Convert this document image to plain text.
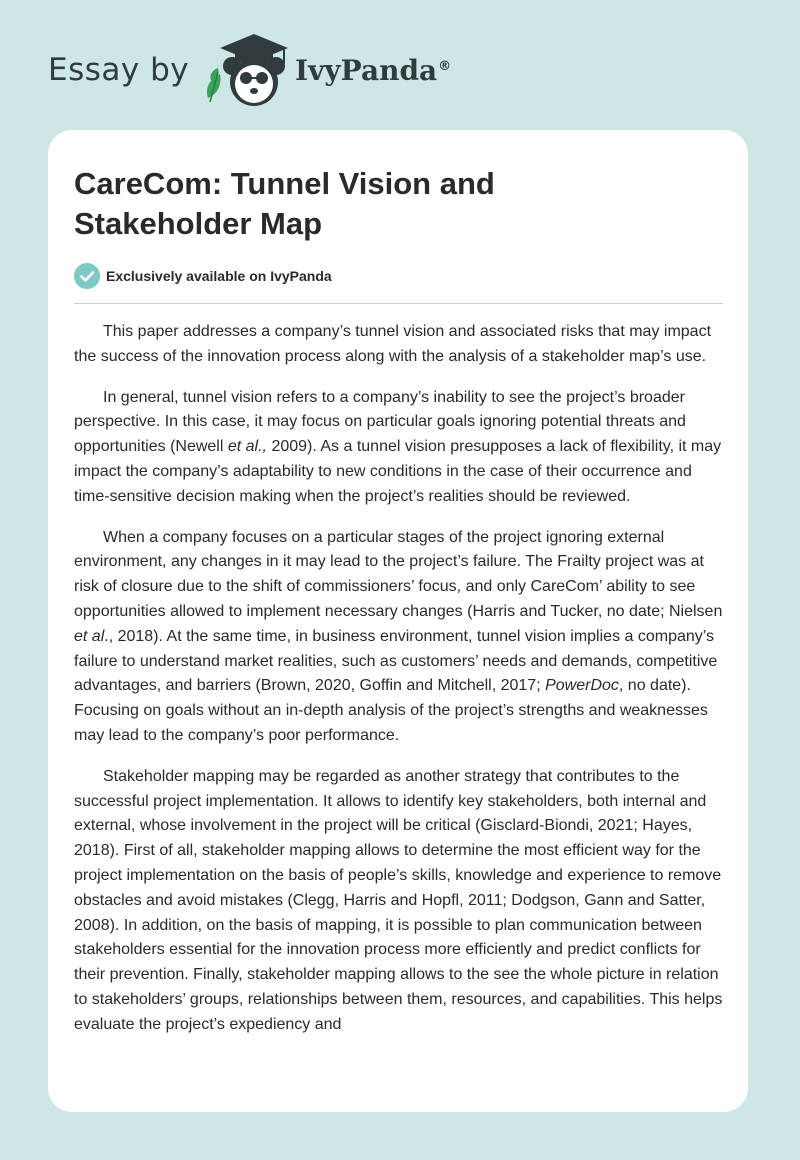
Essay by	IvyPanda®
CareCom: Tunnel Vision and Stakeholder Map
Exclusively available on IvyPanda

This paper addresses a company’s tunnel vision and associated risks that may impact the success of the innovation process along with the analysis of a stakeholder map’s use.

In general, tunnel vision refers to a company’s inability to see the project’s broader perspective. In this case, it may focus on particular goals ignoring potential threats and opportunities (Newell et al., 2009). As a tunnel vision presupposes a lack of flexibility, it may impact the company’s adaptability to new conditions in the case of their occurrence and time-sensitive decision making when the project’s realities should be reviewed.

When a company focuses on a particular stages of the project ignoring external environment, any changes in it may lead to the project’s failure. The Frailty project was at risk of closure due to the shift of commissioners’ focus, and only CareCom’ ability to see opportunities allowed to implement necessary changes (Harris and Tucker, no date; Nielsen et al., 2018). At the same time, in business environment, tunnel vision implies a company’s failure to understand market realities, such as customers’ needs and demands, competitive advantages, and barriers (Brown, 2020, Goffin and Mitchell, 2017; PowerDoc, no date). Focusing on goals without an in-depth analysis of the project’s strengths and weaknesses may lead to the company’s poor performance.

Stakeholder mapping may be regarded as another strategy that contributes to the successful project implementation. It allows to identify key stakeholders, both internal and external, whose involvement in the project will be critical (Gisclard-Biondi, 2021; Hayes, 2018). First of all, stakeholder mapping allows to determine the most efficient way for the project implementation on the basis of people’s skills, knowledge and experience to remove obstacles and avoid mistakes (Clegg, Harris and Hopfl, 2011; Dodgson, Gann and Satter, 2008). In addition, on the basis of mapping, it is possible to plan communication between stakeholders essential for the innovation process more efficiently and predict conflicts for their prevention. Finally, stakeholder mapping allows to the see the whole picture in relation to stakeholders’ groups, relationships between them, resources, and capabilities. This helps evaluate the project’s expediency and
